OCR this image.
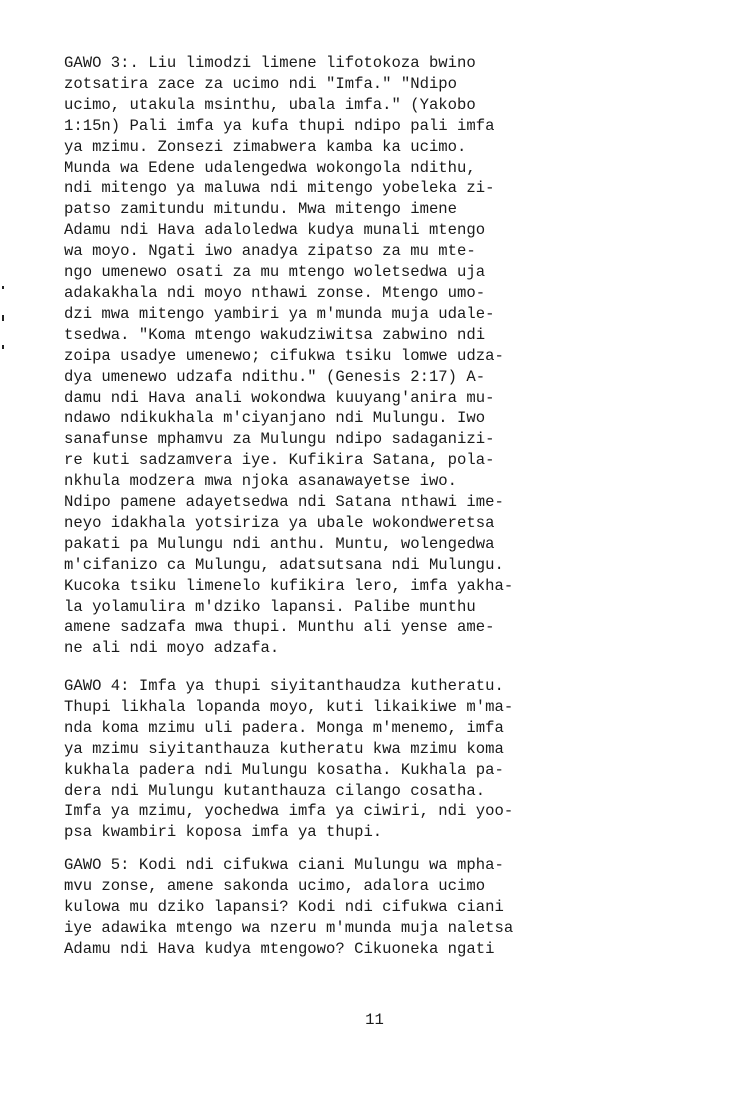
GAWO 3:. Liu limodzi limene lifotokoza bwino
zotsatira zace za ucimo ndi "Imfa." "Ndipo
ucimo, utakula msinthu, ubala imfa." (Yakobo
1:15n) Pali imfa ya kufa thupi ndipo pali imfa
ya mzimu. Zonsezi zimabwera kamba ka ucimo.
Munda wa Edene udalengedwa wokongola ndithu,
ndi mitengo ya maluwa ndi mitengo yobeleka zi-
patso zamitundu mitundu. Mwa mitengo imene
Adamu ndi Hava adaloledwa kudya munali mtengo
wa moyo. Ngati iwo anadya zipatso za mu mte-
ngo umenewo osati za mu mtengo woletsedwa uja
adakakhala ndi moyo nthawi zonse. Mtengo umo-
dzi mwa mitengo yambiri ya m'munda muja udale-
tsedwa. "Koma mtengo wakudziwitsa zabwino ndi
zoipa usadye umenewo; cifukwa tsiku lomwe udza-
dya umenewo udzafa ndithu." (Genesis 2:17) A-
damu ndi Hava anali wokondwa kuuyang'anira mu-
ndawo ndikukhala m'ciyanjano ndi Mulungu. Iwo
sanafunse mphamvu za Mulungu ndipo sadaganizi-
re kuti sadzamvera iye. Kufikira Satana, pola-
nkhula modzera mwa njoka asanawayetse iwo.
Ndipo pamene adayetsedwa ndi Satana nthawi ime-
neyo idakhala yotsiriza ya ubale wokondweretsa
pakati pa Mulungu ndi anthu. Muntu, wolengedwa
m'cifanizo ca Mulungu, adatsutsana ndi Mulungu.
Kucoka tsiku limenelo kufikira lero, imfa yakha-
la yolamulira m'dziko lapansi. Palibe munthu
amene sadzafa mwa thupi. Munthu ali yense ame-
ne ali ndi moyo adzafa.

GAWO 4: Imfa ya thupi siyitanthaudza kutheratu.
Thupi likhala lopanda moyo, kuti likaikiwe m'ma-
nda koma mzimu uli padera. Monga m'menemo, imfa
ya mzimu siyitanthauza kutheratu kwa mzimu koma
kukhala padera ndi Mulungu kosatha. Kukhala pa-
dera ndi Mulungu kutanthauza cilango cosatha.
Imfa ya mzimu, yochedwa imfa ya ciwiri, ndi yoo-
psa kwambiri koposa imfa ya thupi.

GAWO 5: Kodi ndi cifukwa ciani Mulungu wa mpha-
mvu zonse, amene sakonda ucimo, adalora ucimo
kulowa mu dziko lapansi? Kodi ndi cifukwa ciani
iye adawika mtengo wa nzeru m'munda muja naletsa
Adamu ndi Hava kudya mtengowo? Cikuoneka ngati

11
